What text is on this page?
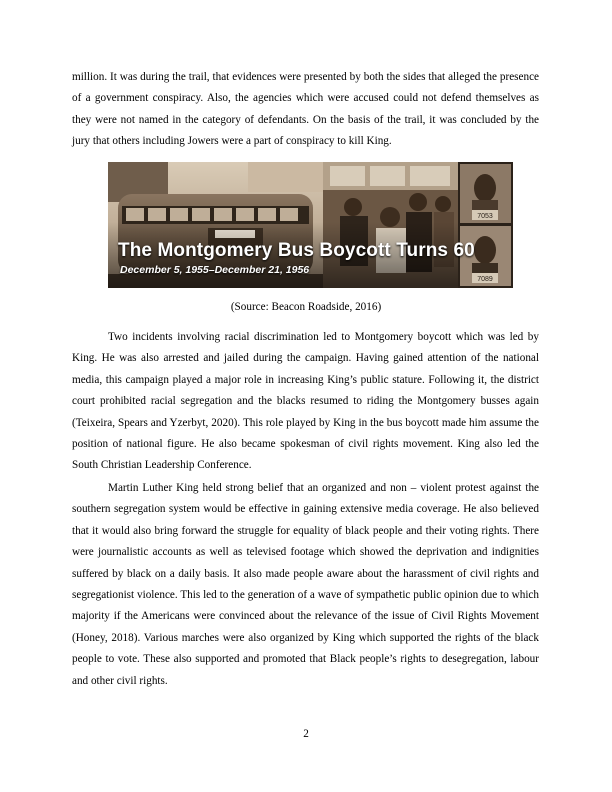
million. It was during the trail, that evidences were presented by both the sides that alleged the presence of a government conspiracy. Also, the agencies which were accused could not defend themselves as they were not named in the category of defendants. On the basis of the trail, it was concluded by the jury that others including Jowers were a part of conspiracy to kill King.

7053
7089
The Montgomery Bus Boycott Turns 60
December 5, 1955–December 21, 1956
(Source: Beacon Roadside, 2016)

Two incidents involving racial discrimination led to Montgomery boycott which was led by King. He was also arrested and jailed during the campaign. Having gained attention of the national media, this campaign played a major role in increasing King’s public stature. Following it, the district court prohibited racial segregation and the blacks resumed to riding the Montgomery busses again (Teixeira, Spears and Yzerbyt, 2020). This role played by King in the bus boycott made him assume the position of national figure. He also became spokesman of civil rights movement. King also led the South Christian Leadership Conference.

Martin Luther King held strong belief that an organized and non – violent protest against the southern segregation system would be effective in gaining extensive media coverage. He also believed that it would also bring forward the struggle for equality of black people and their voting rights. There were journalistic accounts as well as televised footage which showed the deprivation and indignities suffered by black on a daily basis. It also made people aware about the harassment of civil rights and segregationist violence. This led to the generation of a wave of sympathetic public opinion due to which majority if the Americans were convinced about the relevance of the issue of Civil Rights Movement (Honey, 2018). Various marches were also organized by King which supported the rights of the black people to vote. These also supported and promoted that Black people’s rights to desegregation, labour and other civil rights.

2
